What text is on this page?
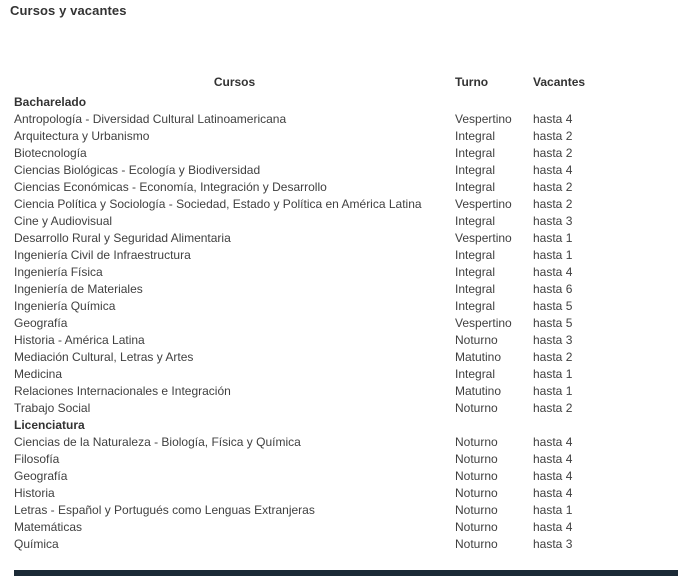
Cursos y vacantes
Cursos	Turno	Vacantes
Bacharelado		
Antropología - Diversidad Cultural Latinoamericana	Vespertino	hasta 4
Arquitectura y Urbanismo	Integral	hasta 2
Biotecnología	Integral	hasta 2
Ciencias Biológicas - Ecología y Biodiversidad	Integral	hasta 4
Ciencias Económicas - Economía, Integración y Desarrollo	Integral	hasta 2
Ciencia Política y Sociología - Sociedad, Estado y Política en América Latina	Vespertino	hasta 2
Cine y Audiovisual	Integral	hasta 3
Desarrollo Rural y Seguridad Alimentaria	Vespertino	hasta 1
Ingeniería Civil de Infraestructura	Integral	hasta 1
Ingeniería Física	Integral	hasta 4
Ingeniería de Materiales	Integral	hasta 6
Ingeniería Química	Integral	hasta 5
Geografía	Vespertino	hasta 5
Historia - América Latina	Noturno	hasta 3
Mediación Cultural, Letras y Artes	Matutino	hasta 2
Medicina	Integral	hasta 1
Relaciones Internacionales e Integración	Matutino	hasta 1
Trabajo Social	Noturno	hasta 2
Licenciatura		
Ciencias de la Naturaleza - Biología, Física y Química	Noturno	hasta 4
Filosofía	Noturno	hasta 4
Geografía	Noturno	hasta 4
Historia	Noturno	hasta 4
Letras - Español y Portugués como Lenguas Extranjeras	Noturno	hasta 1
Matemáticas	Noturno	hasta 4
Química	Noturno	hasta 3
